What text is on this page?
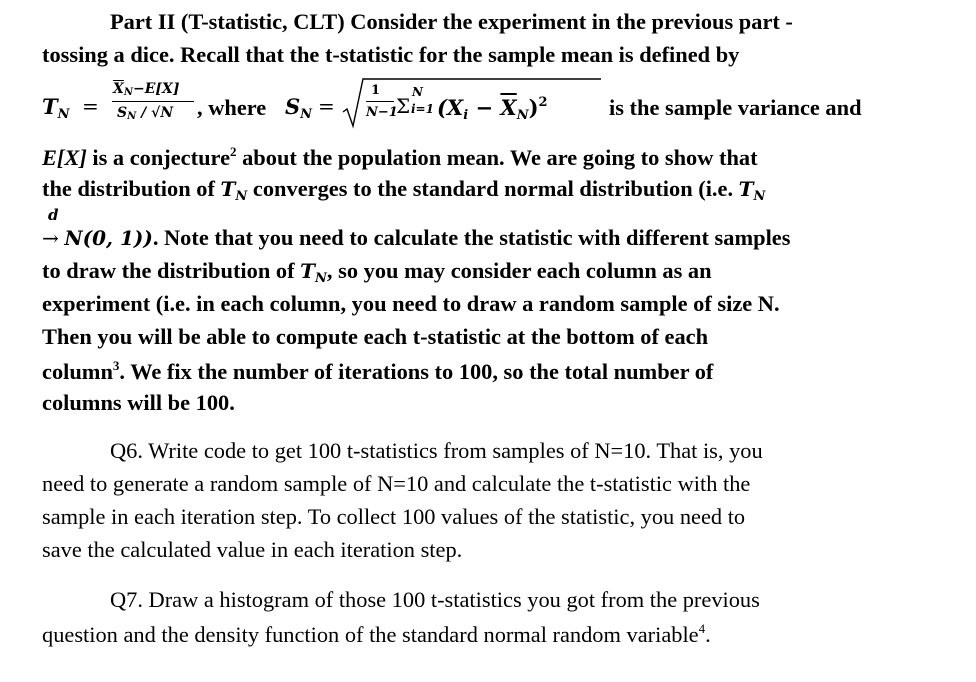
Part II (T-statistic, CLT) Consider the experiment in the previous part -
tossing a dice. Recall that the t-statistic for the sample mean is defined by
$T_N$ =
$\overline{X}_N-E[X]$
$S_N / √N$ , where $S_N$ =
1
N−1
Σ
N
i=1 $(X_i - \overline{X}_N)^2$	is the sample variance and
E[X] is a conjecture$^2$ about the population mean. We are going to show that
the distribution of $T_N$ converges to the standard normal distribution (i.e. $T_N$
d
→ N(0, 1)). Note that you need to calculate the statistic with different samples
to draw the distribution of $T_N$, so you may consider each column as an
experiment (i.e. in each column, you need to draw a random sample of size N.
Then you will be able to compute each t-statistic at the bottom of each
column$^3$. We fix the number of iterations to 100, so the total number of
columns will be 100.
Q6. Write code to get 100 t-statistics from samples of N=10. That is, you
need to generate a random sample of N=10 and calculate the t-statistic with the
sample in each iteration step. To collect 100 values of the statistic, you need to
save the calculated value in each iteration step.
Q7. Draw a histogram of those 100 t-statistics you got from the previous
question and the density function of the standard normal random variable$^4$.
